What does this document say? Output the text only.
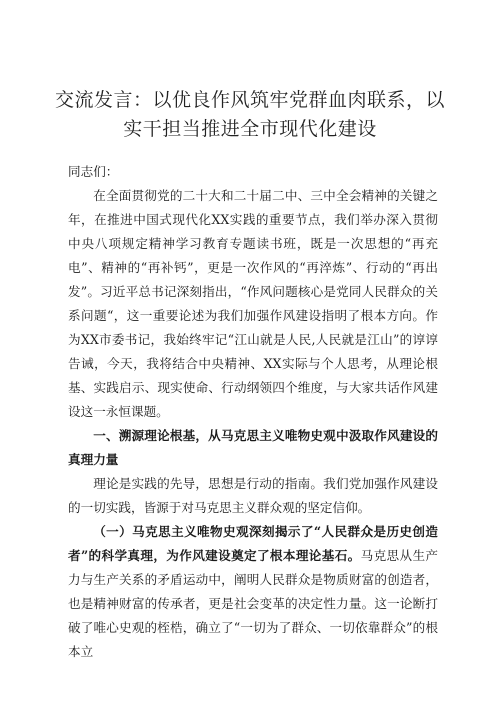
交流发言：以优良作风筑牢党群血肉联系，以
实干担当推进全市现代化建设

同志们：

在全面贯彻党的二十大和二十届二中、三中全会精神的关键之年，在推进中国式现代化XX实践的重要节点，我们举办深入贯彻中央八项规定精神学习教育专题读书班，既是一次思想的“再充电”、精神的“再补钙”，更是一次作风的“再淬炼”、行动的“再出发”。习近平总书记深刻指出，“作风问题核心是党同人民群众的关系问题“，这一重要论述为我们加强作风建设指明了根本方向。作为XX市委书记，我始终牢记“江山就是人民,人民就是江山”的谆谆告诫，今天，我将结合中央精神、XX实际与个人思考，从理论根基、实践启示、现实使命、行动纲领四个维度，与大家共话作风建设这一永恒课题。

一、溯源理论根基，从马克思主义唯物史观中汲取作风建设的真理力量

理论是实践的先导，思想是行动的指南。我们党加强作风建设的一切实践，皆源于对马克思主义群众观的坚定信仰。

（一）马克思主义唯物史观深刻揭示了“人民群众是历史创造者”的科学真理，为作风建设奠定了根本理论基石。马克思从生产力与生产关系的矛盾运动中，阐明人民群众是物质财富的创造者，也是精神财富的传承者，更是社会变革的决定性力量。这一论断打破了唯心史观的桎梏，确立了“一切为了群众、一切依靠群众”的根本立
